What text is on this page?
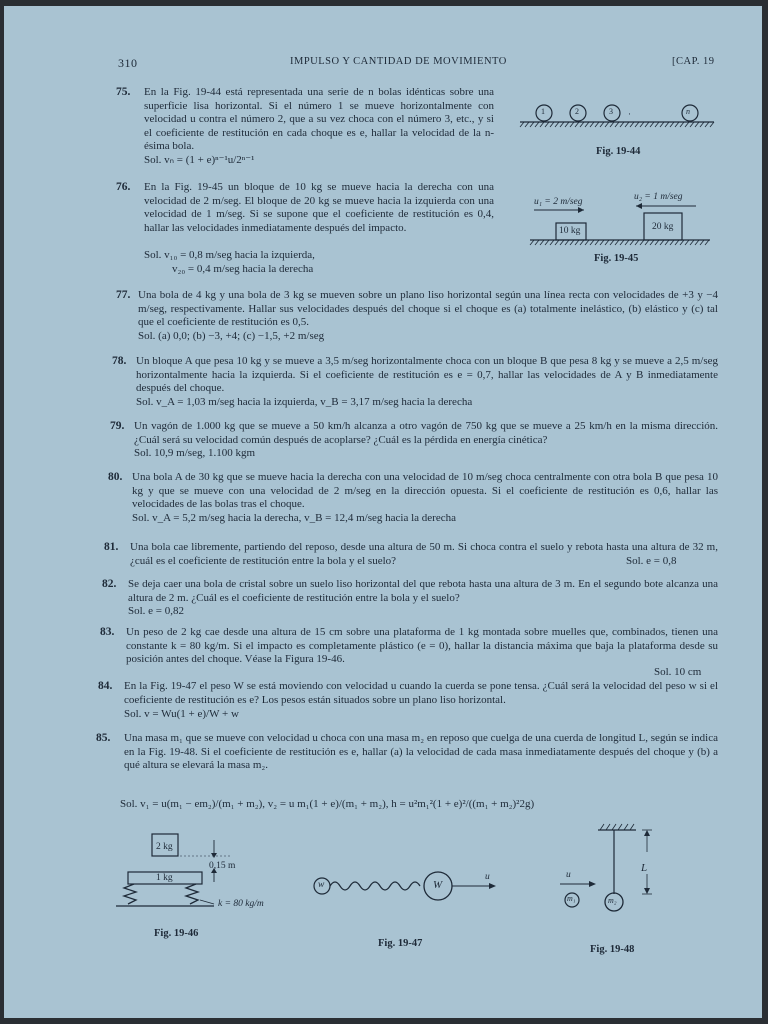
310	IMPULSO Y CANTIDAD DE MOVIMIENTO	[CAP. 19
75. En la Fig. 19-44 está representada una serie de n bolas idénticas sobre una superficie lisa horizontal. Si el número 1 se mueve horizontalmente con velocidad u contra el número 2, que a su vez choca con el número 3, etc., y si el coeficiente de restitución en cada choque es e, hallar la velocidad de la n-ésima bola.
Sol. vₙ = (1 + e)ⁿ⁻¹u/2ⁿ⁻¹
·
1	2	3	n
Fig. 19-44
76. En la Fig. 19-45 un bloque de 10 kg se mueve hacia la derecha con una velocidad de 2 m/seg. El bloque de 20 kg se mueve hacia la izquierda con una velocidad de 1 m/seg. Si se supone que el coeficiente de restitución es 0,4, hallar las velocidades inmediatamente después del impacto.
Sol. v₁₀ = 0,8 m/seg hacia la izquierda,
v₂₀ = 0,4 m/seg hacia la derecha
u₁ = 2 m/seg	u₂ = 1 m/seg
10 kg	20 kg
Fig. 19-45
77. Una bola de 4 kg y una bola de 3 kg se mueven sobre un plano liso horizontal según una línea recta con velocidades de +3 y −4 m/seg, respectivamente. Hallar sus velocidades después del choque si el choque es (a) totalmente inelástico, (b) elástico y (c) tal que el coeficiente de restitución es 0,5.
Sol. (a) 0,0; (b) −3, +4; (c) −1,5, +2 m/seg
78. Un bloque A que pesa 10 kg y se mueve a 3,5 m/seg horizontalmente choca con un bloque B que pesa 8 kg y se mueve a 2,5 m/seg horizontalmente hacia la izquierda. Si el coeficiente de restitución es e = 0,7, hallar las velocidades de A y B inmediatamente después del choque.
Sol. v_A = 1,03 m/seg hacia la izquierda, v_B = 3,17 m/seg hacia la derecha
79. Un vagón de 1.000 kg que se mueve a 50 km/h alcanza a otro vagón de 750 kg que se mueve a 25 km/h en la misma dirección. ¿Cuál será su velocidad común después de acoplarse? ¿Cuál es la pérdida en energía cinética?
Sol. 10,9 m/seg, 1.100 kgm
80. Una bola A de 30 kg que se mueve hacia la derecha con una velocidad de 10 m/seg choca centralmente con otra bola B que pesa 10 kg y que se mueve con una velocidad de 2 m/seg en la dirección opuesta. Si el coeficiente de restitución es 0,6, hallar las velocidades de las bolas tras el choque.
Sol. v_A = 5,2 m/seg hacia la derecha, v_B = 12,4 m/seg hacia la derecha
81. Una bola cae libremente, partiendo del reposo, desde una altura de 50 m. Si choca contra el suelo y rebota hasta una altura de 32 m, ¿cuál es el coeficiente de restitución entre la bola y el suelo?	Sol. e = 0,8
82. Se deja caer una bola de cristal sobre un suelo liso horizontal del que rebota hasta una altura de 3 m. En el segundo bote alcanza una altura de 2 m. ¿Cuál es el coeficiente de restitución entre la bola y el suelo?
Sol. e = 0,82
83. Un peso de 2 kg cae desde una altura de 15 cm sobre una plataforma de 1 kg montada sobre muelles que, combinados, tienen una constante k = 80 kg/m. Si el impacto es completamente plástico (e = 0), hallar la distancia máxima que baja la plataforma desde su posición antes del choque. Véase la Figura 19-46.
Sol. 10 cm
84. En la Fig. 19-47 el peso W se está moviendo con velocidad u cuando la cuerda se pone tensa. ¿Cuál será la velocidad del peso w si el coeficiente de restitución es e? Los pesos están situados sobre un plano liso horizontal.
Sol. v = Wu(1 + e)/W + w
85. Una masa m₁ que se mueve con velocidad u choca con una masa m₂ en reposo que cuelga de una cuerda de longitud L, según se indica en la Fig. 19-48. Si el coeficiente de restitución es e, hallar (a) la velocidad de cada masa inmediatamente después del choque y (b) a qué altura se elevará la masa m₂.
Sol. v₁ = u(m₁ − em₂)/(m₁ + m₂), v₂ = u m₁(1 + e)/(m₁ + m₂), h = u²m₁²(1 + e)²/((m₁ + m₂)²2g)
2 kg
1 kg
0,15 m
k = 80 kg/m
Fig. 19-46
w	W
u
Fig. 19-47
u
m₁	m₂
L
Fig. 19-48
